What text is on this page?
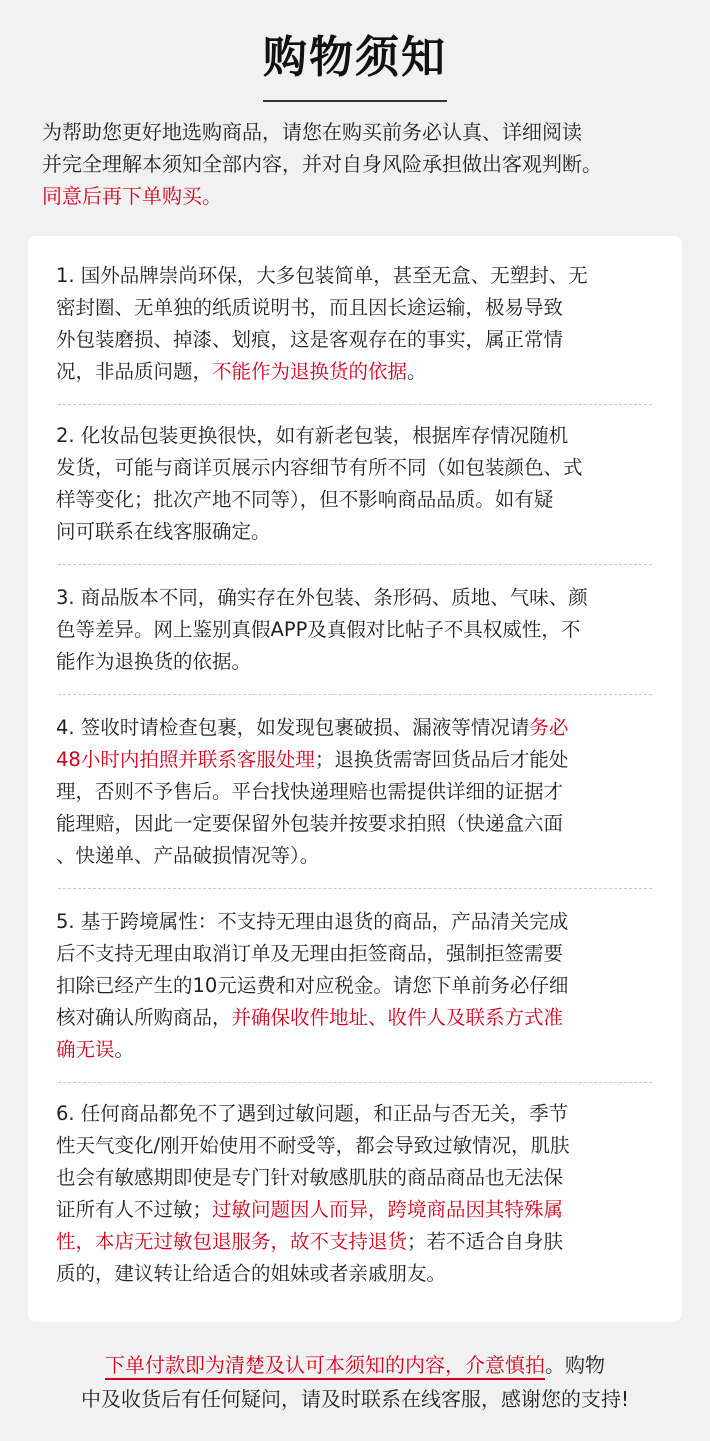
购物须知

为帮助您更好地选购商品，请您在购买前务必认真、详细阅读

并完全理解本须知全部内容，并对自身风险承担做出客观判断。

同意后再下单购买。

1. 国外品牌崇尚环保，大多包装简单，甚至无盒、无塑封、无

密封圈、无单独的纸质说明书，而且因长途运输，极易导致

外包装磨损、掉漆、划痕，这是客观存在的事实，属正常情

况，非品质问题，不能作为退换货的依据。

2. 化妆品包装更换很快，如有新老包装，根据库存情况随机

发货，可能与商详页展示内容细节有所不同（如包装颜色、式

样等变化；批次产地不同等），但不影响商品品质。如有疑

问可联系在线客服确定。

3. 商品版本不同，确实存在外包装、条形码、质地、气味、颜

色等差异。网上鉴别真假APP及真假对比帖子不具权威性，不

能作为退换货的依据。

4. 签收时请检查包裹，如发现包裹破损、漏液等情况请务必

48小时内拍照并联系客服处理；退换货需寄回货品后才能处

理，否则不予售后。平台找快递理赔也需提供详细的证据才

能理赔，因此一定要保留外包装并按要求拍照（快递盒六面

、快递单、产品破损情况等）。

5. 基于跨境属性：不支持无理由退货的商品，产品清关完成

后不支持无理由取消订单及无理由拒签商品，强制拒签需要

扣除已经产生的10元运费和对应税金。请您下单前务必仔细

核对确认所购商品，并确保收件地址、收件人及联系方式准

确无误。

6. 任何商品都免不了遇到过敏问题，和正品与否无关，季节

性天气变化/刚开始使用不耐受等，都会导致过敏情况，肌肤

也会有敏感期即使是专门针对敏感肌肤的商品商品也无法保

证所有人不过敏；过敏问题因人而异，跨境商品因其特殊属

性，本店无过敏包退服务，故不支持退货；若不适合自身肤

质的，建议转让给适合的姐妹或者亲戚朋友。

下单付款即为清楚及认可本须知的内容，介意慎拍。购物

中及收货后有任何疑问，请及时联系在线客服，感谢您的支持!
